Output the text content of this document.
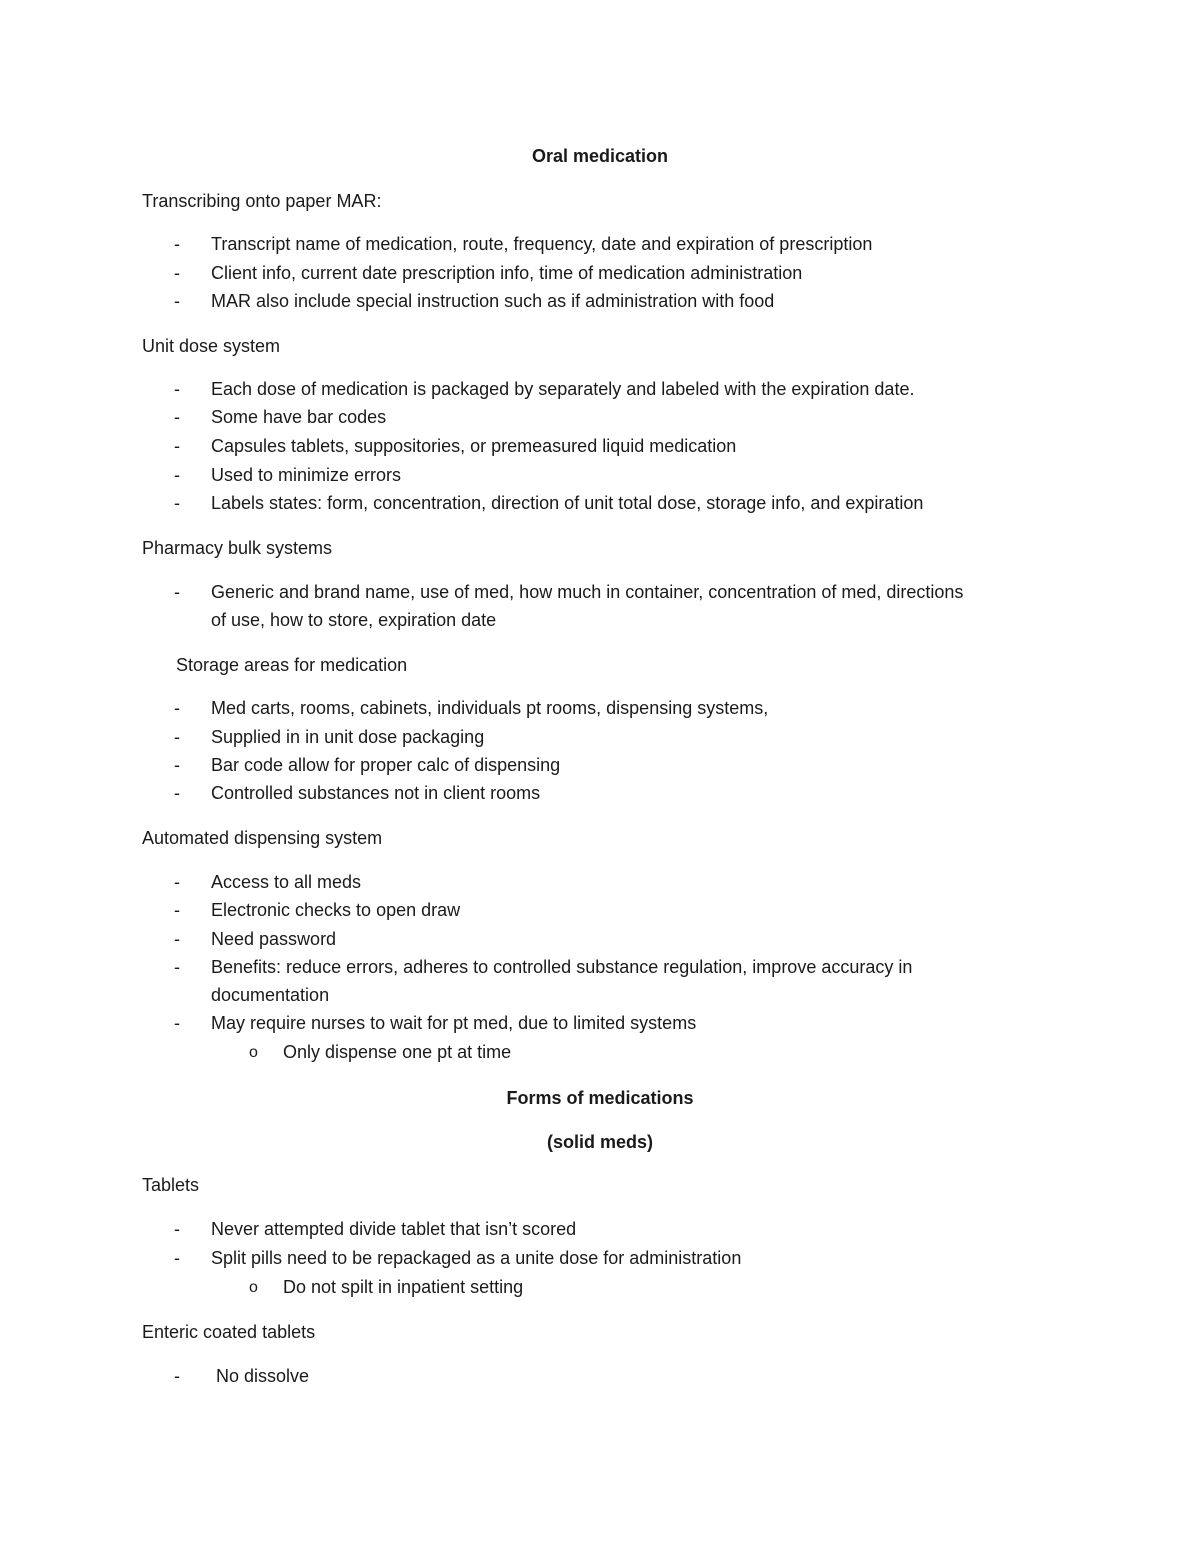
Oral medication
Transcribing onto paper MAR:
- Transcript name of medication, route, frequency, date and expiration of prescription
- Client info, current date prescription info, time of medication administration
- MAR also include special instruction such as if administration with food
Unit dose system
- Each dose of medication is packaged by separately and labeled with the expiration date.
- Some have bar codes
- Capsules tablets, suppositories, or premeasured liquid medication
- Used to minimize errors
- Labels states: form, concentration, direction of unit total dose, storage info, and expiration
Pharmacy bulk systems
- Generic and brand name, use of med, how much in container, concentration of med, directions
of use, how to store, expiration date
Storage areas for medication
- Med carts, rooms, cabinets, individuals pt rooms, dispensing systems,
- Supplied in in unit dose packaging
- Bar code allow for proper calc of dispensing
- Controlled substances not in client rooms
Automated dispensing system
- Access to all meds
- Electronic checks to open draw
- Need password
- Benefits: reduce errors, adheres to controlled substance regulation, improve accuracy in
documentation
- May require nurses to wait for pt med, due to limited systems
o Only dispense one pt at time
Forms of medications
(solid meds)
Tablets
- Never attempted divide tablet that isn’t scored
- Split pills need to be repackaged as a unite dose for administration
o Do not spilt in inpatient setting
Enteric coated tablets
- No dissolve
